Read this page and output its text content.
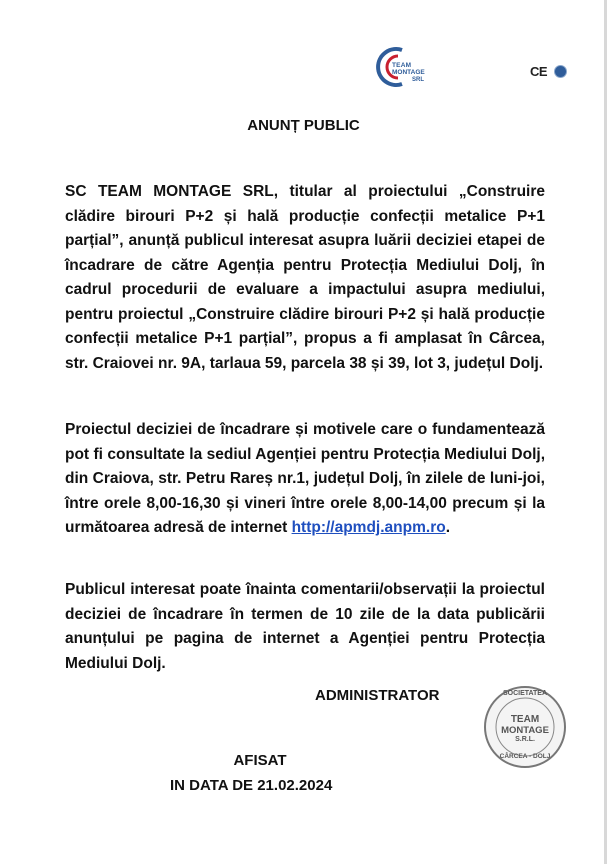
TEAM
MONTAGE
SRL
CE
ANUNȚ PUBLIC
SC TEAM MONTAGE SRL, titular al proiectului „Construire clădire birouri P+2 și hală producție confecții metalice P+1 parțial”, anunță publicul interesat asupra luării deciziei etapei de încadrare de către Agenția pentru Protecția Mediului Dolj, în cadrul procedurii de evaluare a impactului asupra mediului, pentru proiectul „Construire clădire birouri P+2 și hală producție confecții metalice P+1 parțial”, propus a fi amplasat în Cârcea, str. Craiovei nr. 9A, tarlaua 59, parcela 38 și 39, lot 3, județul Dolj.
Proiectul deciziei de încadrare și motivele care o fundamentează pot fi consultate la sediul Agenției pentru Protecția Mediului Dolj, din Craiova, str. Petru Rareș nr.1, județul Dolj, în zilele de luni-joi, între orele 8,00-16,30 și vineri între orele 8,00-14,00 precum și la următoarea adresă de internet http://apmdj.anpm.ro.
Publicul interesat poate înainta comentarii/observații la proiectul deciziei de încadrare în termen de 10 zile de la data publicării anunțului pe pagina de internet a Agenției pentru Protecția Mediului Dolj.
ADMINISTRATOR	SOCIETATEA
TEAM
MONTAGE
S.R.L.
CÂRCEA - DOLJ
AFISAT
IN DATA DE 21.02.2024
